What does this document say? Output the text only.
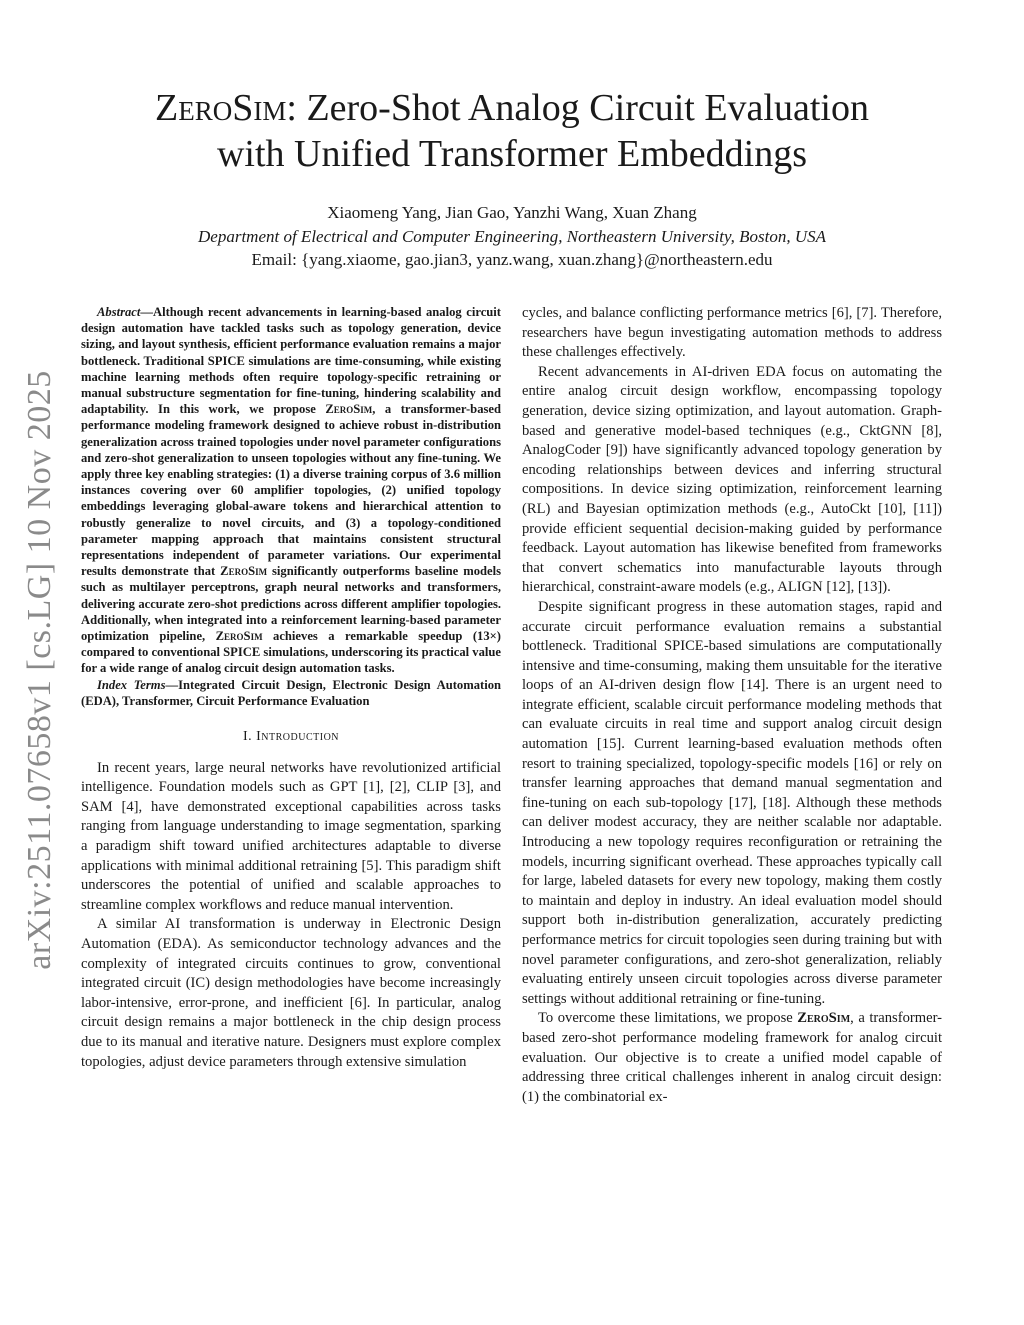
arXiv:2511.07658v1 [cs.LG] 10 Nov 2025
ZeroSim: Zero-Shot Analog Circuit Evaluation
with Unified Transformer Embeddings
Xiaomeng Yang, Jian Gao, Yanzhi Wang, Xuan Zhang
Department of Electrical and Computer Engineering, Northeastern University, Boston, USA
Email: {yang.xiaome, gao.jian3, yanz.wang, xuan.zhang}@northeastern.edu

Abstract—Although recent advancements in learning-based analog circuit design automation have tackled tasks such as topology generation, device sizing, and layout synthesis, efficient performance evaluation remains a major bottleneck. Traditional SPICE simulations are time-consuming, while existing machine learning methods often require topology-specific retraining or manual substructure segmentation for fine-tuning, hindering scalability and adaptability. In this work, we propose ZeroSim, a transformer-based performance modeling framework designed to achieve robust in-distribution generalization across trained topologies under novel parameter configurations and zero-shot generalization to unseen topologies without any fine-tuning. We apply three key enabling strategies: (1) a diverse training corpus of 3.6 million instances covering over 60 amplifier topologies, (2) unified topology embeddings leveraging global-aware tokens and hierarchical attention to robustly generalize to novel circuits, and (3) a topology-conditioned parameter mapping approach that maintains consistent structural representations independent of parameter variations. Our experimental results demonstrate that ZeroSim significantly outperforms baseline models such as multilayer perceptrons, graph neural networks and transformers, delivering accurate zero-shot predictions across different amplifier topologies. Additionally, when integrated into a reinforcement learning-based parameter optimization pipeline, ZeroSim achieves a remarkable speedup (13×) compared to conventional SPICE simulations, underscoring its practical value for a wide range of analog circuit design automation tasks.

Index Terms—Integrated Circuit Design, Electronic Design Automation (EDA), Transformer, Circuit Performance Evaluation

I. Introduction

In recent years, large neural networks have revolutionized artificial intelligence. Foundation models such as GPT [1], [2], CLIP [3], and SAM [4], have demonstrated exceptional capabilities across tasks ranging from language understanding to image segmentation, sparking a paradigm shift toward unified architectures adaptable to diverse applications with minimal additional retraining [5]. This paradigm shift underscores the potential of unified and scalable approaches to streamline complex workflows and reduce manual intervention.

A similar AI transformation is underway in Electronic Design Automation (EDA). As semiconductor technology advances and the complexity of integrated circuits continues to grow, conventional integrated circuit (IC) design methodologies have become increasingly labor-intensive, error-prone, and inefficient [6]. In particular, analog circuit design remains a major bottleneck in the chip design process due to its manual and iterative nature. Designers must explore complex topologies, adjust device parameters through extensive simulation

cycles, and balance conflicting performance metrics [6], [7]. Therefore, researchers have begun investigating automation methods to address these challenges effectively.

Recent advancements in AI-driven EDA focus on automating the entire analog circuit design workflow, encompassing topology generation, device sizing optimization, and layout automation. Graph-based and generative model-based techniques (e.g., CktGNN [8], AnalogCoder [9]) have significantly advanced topology generation by encoding relationships between devices and inferring structural compositions. In device sizing optimization, reinforcement learning (RL) and Bayesian optimization methods (e.g., AutoCkt [10], [11]) provide efficient sequential decision-making guided by performance feedback. Layout automation has likewise benefited from frameworks that convert schematics into manufacturable layouts through hierarchical, constraint-aware models (e.g., ALIGN [12], [13]).

Despite significant progress in these automation stages, rapid and accurate circuit performance evaluation remains a substantial bottleneck. Traditional SPICE-based simulations are computationally intensive and time-consuming, making them unsuitable for the iterative loops of an AI-driven design flow [14]. There is an urgent need to integrate efficient, scalable circuit performance modeling methods that can evaluate circuits in real time and support analog circuit design automation [15]. Current learning-based evaluation methods often resort to training specialized, topology-specific models [16] or rely on transfer learning approaches that demand manual segmentation and fine-tuning on each sub-topology [17], [18]. Although these methods can deliver modest accuracy, they are neither scalable nor adaptable. Introducing a new topology requires reconfiguration or retraining the models, incurring significant overhead. These approaches typically call for large, labeled datasets for every new topology, making them costly to maintain and deploy in industry. An ideal evaluation model should support both in-distribution generalization, accurately predicting performance metrics for circuit topologies seen during training but with novel parameter configurations, and zero-shot generalization, reliably evaluating entirely unseen circuit topologies across diverse parameter settings without additional retraining or fine-tuning.

To overcome these limitations, we propose ZeroSim, a transformer-based zero-shot performance modeling framework for analog circuit evaluation. Our objective is to create a unified model capable of addressing three critical challenges inherent in analog circuit design: (1) the combinatorial ex-
